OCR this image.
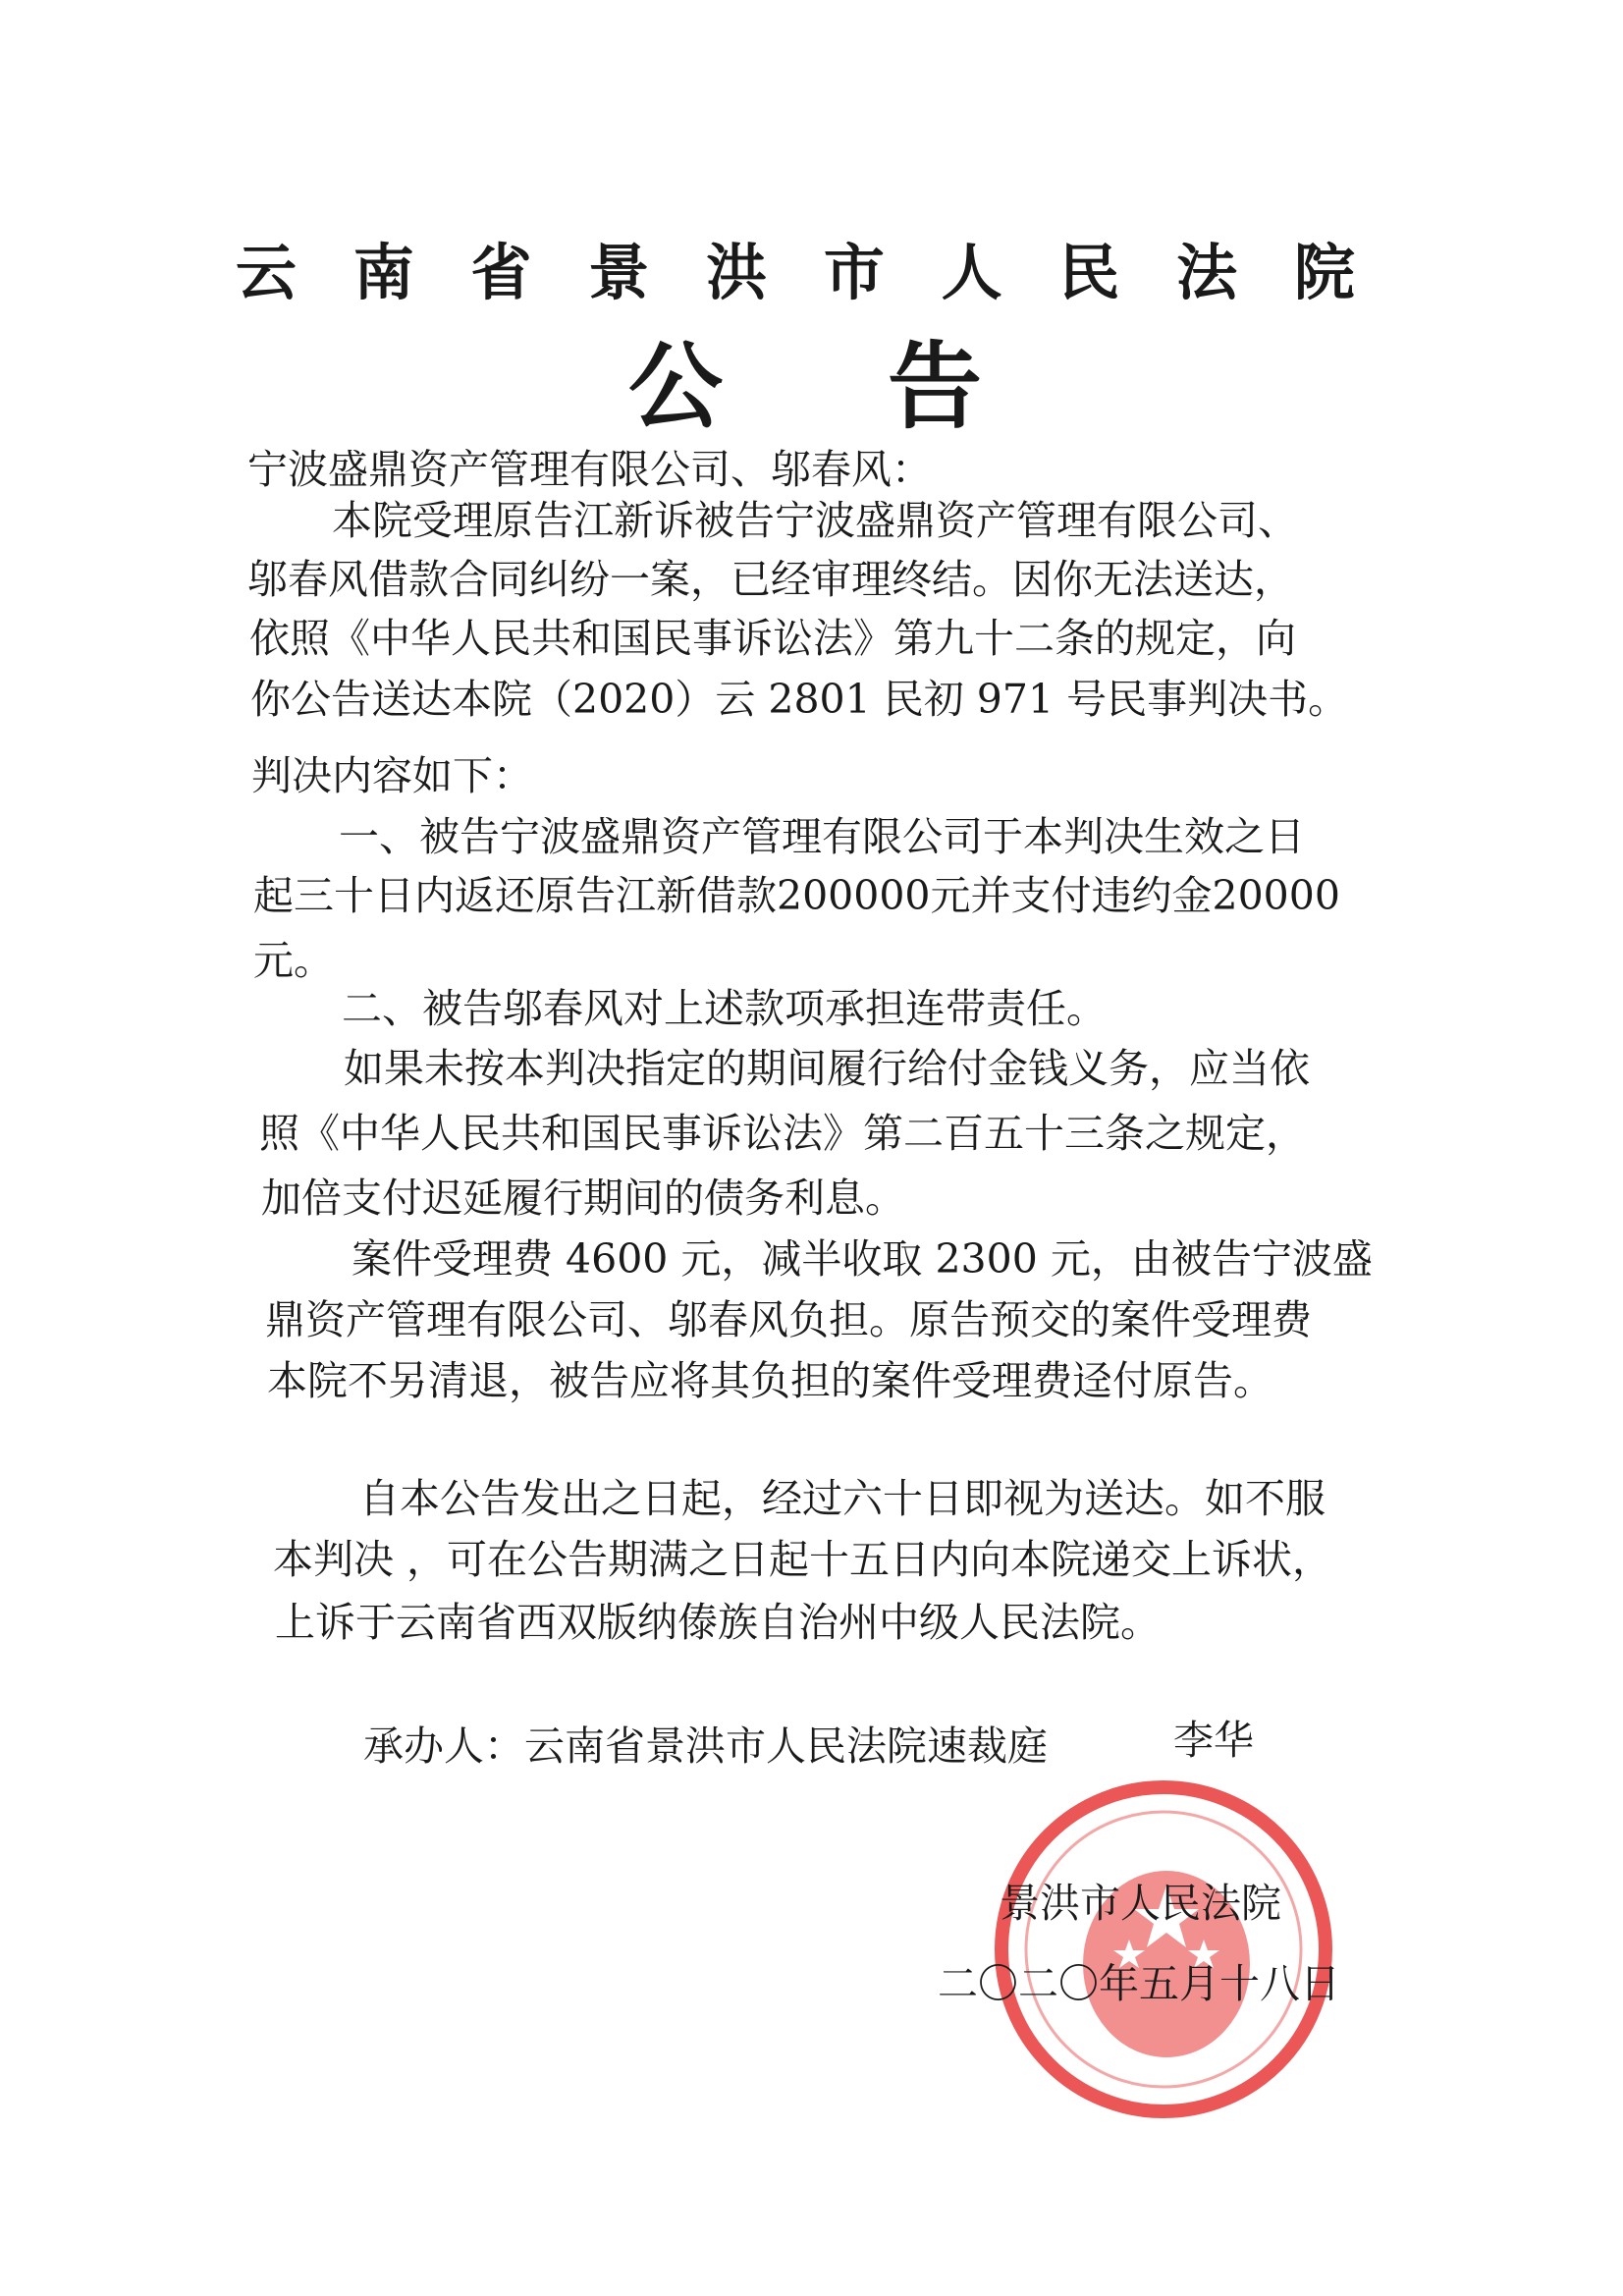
云 南 省 景 洪 市 人 民 法 院
公 告
宁波盛鼎资产管理有限公司、邬春风：
本院受理原告江新诉被告宁波盛鼎资产管理有限公司、
邬春风借款合同纠纷一案，已经审理终结。因你无法送达，
依照《中华人民共和国民事诉讼法》第九十二条的规定，向
你公告送达本院（2020）云 2801 民初 971 号民事判决书。
判决内容如下：
一、被告宁波盛鼎资产管理有限公司于本判决生效之日
起三十日内返还原告江新借款200000元并支付违约金20000
元。
二、被告邬春风对上述款项承担连带责任。
如果未按本判决指定的期间履行给付金钱义务，应当依
照《中华人民共和国民事诉讼法》第二百五十三条之规定，
加倍支付迟延履行期间的债务利息。
案件受理费 4600 元，减半收取 2300 元，由被告宁波盛
鼎资产管理有限公司、邬春风负担。原告预交的案件受理费
本院不另清退，被告应将其负担的案件受理费迳付原告。
自本公告发出之日起，经过六十日即视为送达。如不服
本判决 ，可在公告期满之日起十五日内向本院递交上诉状，
上诉于云南省西双版纳傣族自治州中级人民法院。
承办人：云南省景洪市人民法院速裁庭	李华
景洪市人民法院
二〇二〇年五月十八日
